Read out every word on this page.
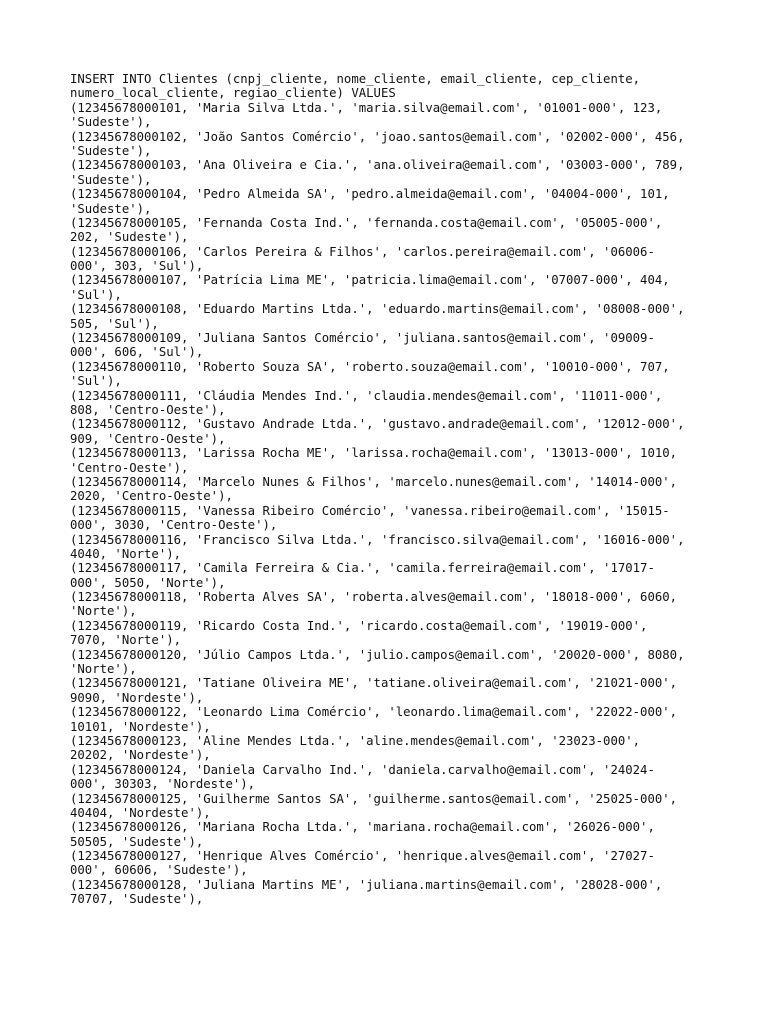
INSERT INTO Clientes (cnpj_cliente, nome_cliente, email_cliente, cep_cliente,
numero_local_cliente, regiao_cliente) VALUES
(12345678000101, 'Maria Silva Ltda.', 'maria.silva@email.com', '01001-000', 123,
'Sudeste'),
(12345678000102, 'João Santos Comércio', 'joao.santos@email.com', '02002-000', 456,
'Sudeste'),
(12345678000103, 'Ana Oliveira e Cia.', 'ana.oliveira@email.com', '03003-000', 789,
'Sudeste'),
(12345678000104, 'Pedro Almeida SA', 'pedro.almeida@email.com', '04004-000', 101,
'Sudeste'),
(12345678000105, 'Fernanda Costa Ind.', 'fernanda.costa@email.com', '05005-000',
202, 'Sudeste'),
(12345678000106, 'Carlos Pereira & Filhos', 'carlos.pereira@email.com', '06006-
000', 303, 'Sul'),
(12345678000107, 'Patrícia Lima ME', 'patricia.lima@email.com', '07007-000', 404,
'Sul'),
(12345678000108, 'Eduardo Martins Ltda.', 'eduardo.martins@email.com', '08008-000',
505, 'Sul'),
(12345678000109, 'Juliana Santos Comércio', 'juliana.santos@email.com', '09009-
000', 606, 'Sul'),
(12345678000110, 'Roberto Souza SA', 'roberto.souza@email.com', '10010-000', 707,
'Sul'),
(12345678000111, 'Cláudia Mendes Ind.', 'claudia.mendes@email.com', '11011-000',
808, 'Centro-Oeste'),
(12345678000112, 'Gustavo Andrade Ltda.', 'gustavo.andrade@email.com', '12012-000',
909, 'Centro-Oeste'),
(12345678000113, 'Larissa Rocha ME', 'larissa.rocha@email.com', '13013-000', 1010,
'Centro-Oeste'),
(12345678000114, 'Marcelo Nunes & Filhos', 'marcelo.nunes@email.com', '14014-000',
2020, 'Centro-Oeste'),
(12345678000115, 'Vanessa Ribeiro Comércio', 'vanessa.ribeiro@email.com', '15015-
000', 3030, 'Centro-Oeste'),
(12345678000116, 'Francisco Silva Ltda.', 'francisco.silva@email.com', '16016-000',
4040, 'Norte'),
(12345678000117, 'Camila Ferreira & Cia.', 'camila.ferreira@email.com', '17017-
000', 5050, 'Norte'),
(12345678000118, 'Roberta Alves SA', 'roberta.alves@email.com', '18018-000', 6060,
'Norte'),
(12345678000119, 'Ricardo Costa Ind.', 'ricardo.costa@email.com', '19019-000',
7070, 'Norte'),
(12345678000120, 'Júlio Campos Ltda.', 'julio.campos@email.com', '20020-000', 8080,
'Norte'),
(12345678000121, 'Tatiane Oliveira ME', 'tatiane.oliveira@email.com', '21021-000',
9090, 'Nordeste'),
(12345678000122, 'Leonardo Lima Comércio', 'leonardo.lima@email.com', '22022-000',
10101, 'Nordeste'),
(12345678000123, 'Aline Mendes Ltda.', 'aline.mendes@email.com', '23023-000',
20202, 'Nordeste'),
(12345678000124, 'Daniela Carvalho Ind.', 'daniela.carvalho@email.com', '24024-
000', 30303, 'Nordeste'),
(12345678000125, 'Guilherme Santos SA', 'guilherme.santos@email.com', '25025-000',
40404, 'Nordeste'),
(12345678000126, 'Mariana Rocha Ltda.', 'mariana.rocha@email.com', '26026-000',
50505, 'Sudeste'),
(12345678000127, 'Henrique Alves Comércio', 'henrique.alves@email.com', '27027-
000', 60606, 'Sudeste'),
(12345678000128, 'Juliana Martins ME', 'juliana.martins@email.com', '28028-000',
70707, 'Sudeste'),
